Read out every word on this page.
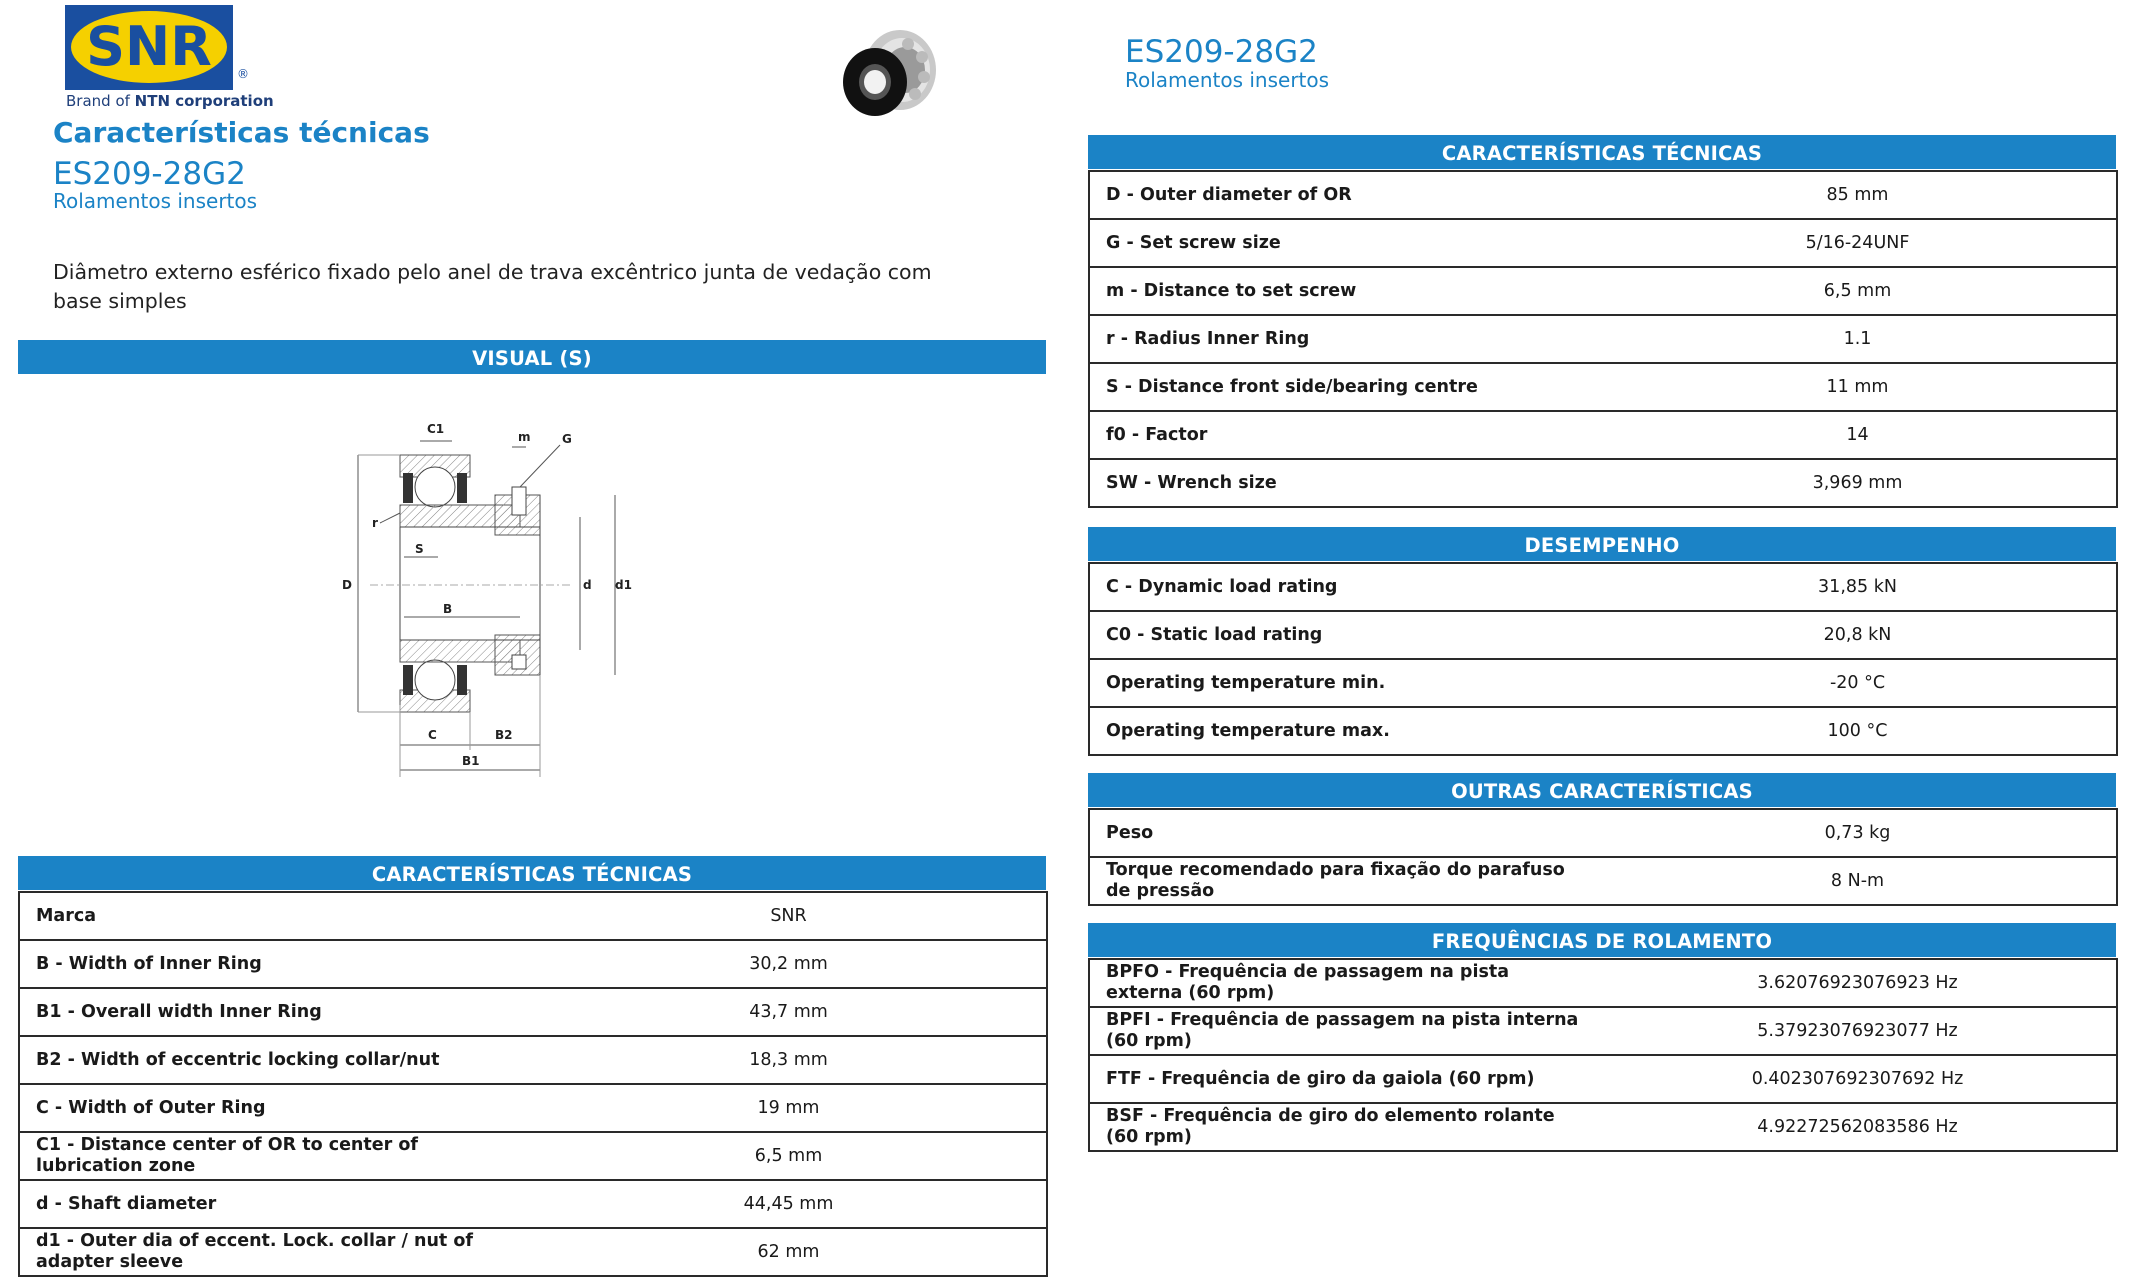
SNR ®
Brand of NTN corporation
Características técnicas
ES209-28G2
Rolamentos insertos
ES209-28G2
Rolamentos insertos
Diâmetro externo esférico fixado pelo anel de trava excêntrico junta de vedação com base simples
VISUAL (S)
C1
m	G
r
S
D	d d1
B
C	B2
B1
CARACTERÍSTICAS TÉCNICAS
Marca	SNR
B - Width of Inner Ring	30,2 mm
B1 - Overall width Inner Ring	43,7 mm
B2 - Width of eccentric locking collar/nut	18,3 mm
C - Width of Outer Ring	19 mm
C1 - Distance center of OR to center of lubrication zone	6,5 mm
d - Shaft diameter	44,45 mm
d1 - Outer dia of eccent. Lock. collar / nut of adapter sleeve	62 mm
CARACTERÍSTICAS TÉCNICAS
D - Outer diameter of OR	85 mm
G - Set screw size	5/16-24UNF
m - Distance to set screw	6,5 mm
r - Radius Inner Ring	1.1
S - Distance front side/bearing centre	11 mm
f0 - Factor	14
SW - Wrench size	3,969 mm
DESEMPENHO
C - Dynamic load rating	31,85 kN
C0 - Static load rating	20,8 kN
Operating temperature min.	-20 °C
Operating temperature max.	100 °C
OUTRAS CARACTERÍSTICAS
Peso	0,73 kg
Torque recomendado para fixação do parafuso de pressão	8 N-m
FREQUÊNCIAS DE ROLAMENTO
BPFO - Frequência de passagem na pista externa (60 rpm)	3.62076923076923 Hz
BPFI - Frequência de passagem na pista interna (60 rpm)	5.37923076923077 Hz
FTF - Frequência de giro da gaiola (60 rpm)	0.402307692307692 Hz
BSF - Frequência de giro do elemento rolante (60 rpm)	4.92272562083586 Hz
